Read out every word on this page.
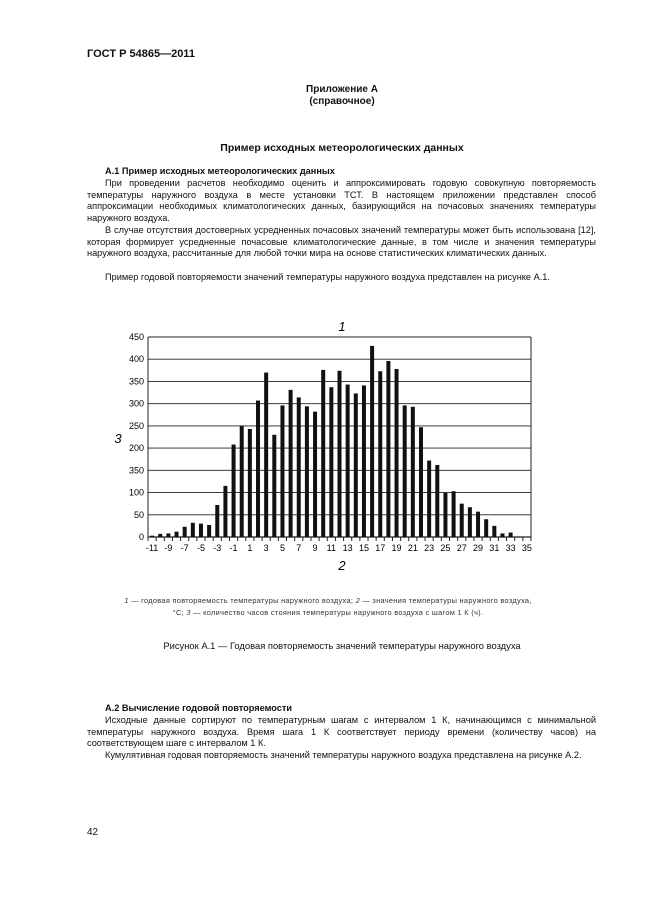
ГОСТ Р 54865—2011
Приложение А
(справочное)
Пример исходных метеорологических данных
А.1 Пример исходных метеорологических данных
При проведении расчетов необходимо оценить и аппроксимировать годовую совокупную повторяемость температуры наружного воздуха в месте установки ТСТ. В настоящем приложении представлен способ аппроксимации необходимых климатологических данных, базирующийся на почасовых значениях температуры наружного воздуха.
В случае отсутствия достоверных усредненных почасовых значений температуры может быть использована [12], которая формирует усредненные почасовые климатологические данные, в том числе и значения температуры наружного воздуха, рассчитанные для любой точки мира на основе статистических климатических данных.
Пример годовой повторяемости значений температуры наружного воздуха представлен на рисунке А.1.
0
50
100
350
200
250
300
350
400
450
-11 -9 -7 -5 -3 -1 1 3 5 7 9 11 13 15 17 19 21 23 25 27 29 31 33 35
1
3
2
1 — годовая повторяемость температуры наружного воздуха; 2 — значения температуры наружного воздуха, °С; 3 — количество часов стояния температуры наружного воздуха с шагом 1 К (ч).
Рисунок А.1 — Годовая повторяемость значений температуры наружного воздуха
А.2 Вычисление годовой повторяемости
Исходные данные сортируют по температурным шагам с интервалом 1 К, начинающимся с минимальной температуры наружного воздуха. Время шага 1 К соответствует периоду времени (количеству часов) на соответствующем шаге с интервалом 1 К.
Кумулятивная годовая повторяемость значений температуры наружного воздуха представлена на рисунке А.2.
42
